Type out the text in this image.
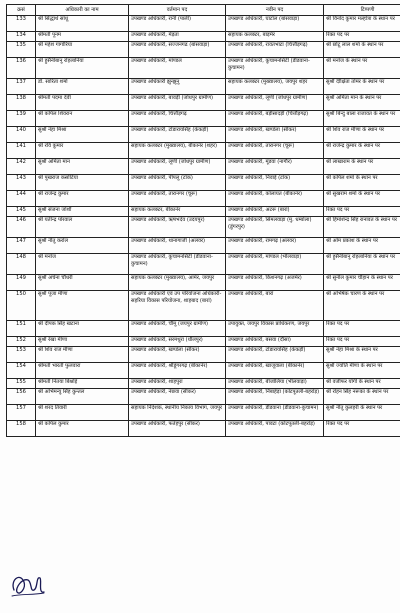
क्रसं	अधिकारी का नाम	वर्तमान पद	नवीन पद	टिप्पणी
133	श्री सिद्धार्थ सांधू	उपखण्ड अधिकारी, रानी (पाली)	उपखण्ड अधिकारी, घाटोल (बांसवाड़ा)	श्री विनोद कुमार मल्होत्रा के स्थान पर
134	श्रीमती पूनम	उपखण्ड अधिकारी, मेड़ता	सहायक कलक्टर, बाड़मेर	रिक्त पद पर
135	श्री महेश गागोरिया	उपखण्ड अधिकारी, सज्जनगढ (बांसवाड़ा)	उपखण्ड अधिकारी, रावतभाटा (चित्तौड़गढ़)	श्री छोटू लाल शर्मा के स्थान पर
136	श्री हुसैनीबानू रोहलानिया	उपखण्ड अधिकारी, मांण्डल	उपखण्ड अधिकारी, कुचामनसिटी (डीडवाना-कुचामन)	श्री मनोज के स्थान पर
137	डॉ. सारिता शर्मा	उपखण्ड अधिकारी झुन्झुनू	सहायक कलक्टर (मुख्यालय), जयपुर शहर	सुश्री दीक्षिता तोमर के स्थान पर
138	श्रीमती पदमा देवी	उपखण्ड अधिकारी, बावड़ी (जोधपुर ग्रामीण)	उपखण्ड अधिकारी, लूणी (जोधपुर ग्रामीण)	सुश्री अमिता मान के स्थान पर
139	श्री कपिल शिवरान	उपखण्ड अधिकारी, चित्तौड़गढ़	उपखण्ड अधिकारी, बड़ीसादड़ी (चित्तौड़गढ़)	सुश्री बिन्दु बाला राजावत के स्थान पर
140	सुश्री नेहा मिश्रा	उपखण्ड अधिकारी, टोडारायसिंह (केकड़ी)	उपखण्ड अधिकारी, खण्डेला (सीकर)	श्री शिव राज मीणा के स्थान पर
141	श्री रवि कुमार	सहायक कलक्टर (मुख्यालय), बीकानेर (शहर)	उपखण्ड अधिकारी, तारानगर (चूरू)	श्री राजेन्द्र कुमार के स्थान पर
142	सुश्री अमिता मान	उपखण्ड अधिकारी, लूणी (जोधपुर ग्रामीण)	उपखण्ड अधिकारी, मूंडवा (नागौर)	श्री लाखाराम के स्थान पर
143	श्री पुखराज कसोटिया	उपखण्ड अधिकारी, पीपलू (टोंक)	उपखण्ड अधिकारी, निवाई (टोंक)	श्री कपिल शर्मा के स्थान पर
144	श्री राजेन्द्र कुमार	उपखण्ड अधिकारी, तारानगर (चूरू)	उपखण्ड अधिकारी, कोलायत (बीकानेर)	श्री सुखराम शर्मा के स्थान पर
145	सुश्री संजना जोशी	सहायक कलक्टर, बीकानेर	उपखण्ड अधिकारी, अटरू (बारां)	रिक्त पद पर
146	श्री यतीन्द्र पोरवाल	उपखण्ड अधिकारी, ऋषभदेव (उदयपुर)	उपखण्ड अधिकारी, सिमलवाड़ा (मु. धम्बोला) (डूंगरपुर)	श्री हिमांशेन्द्र सिंह रानावत के स्थान पर
147	सुश्री नीतू करोल	उपखण्ड अधिकारी, थानागाजी (अलवर)	उपखण्ड अधिकारी, रामगढ़ (अलवर)	श्री ओम प्रकाश के स्थान पर
148	श्री मनोज	उपखण्ड अधिकारी, कुचामनसिटी (डीडवाना-कुचामन)	उपखण्ड अधिकारी, मांण्डल (भीलवाड़ा)	श्री हुसैनीबानू रोहलानिया के स्थान पर
149	सुश्री अर्चना चौधरी	सहायक कलक्टर (मुख्यालय), आमेर, जयपुर	उपखण्ड अधिकारी, किशनगढ़ (अजमेर)	श्री सुनील कुमार चौहान के स्थान पर
150	सुश्री पूजा मीणा	उपखण्ड अधिकारी एवं उप परियोजना अधिकारी-सहरिया विकास परियोजना, शाहबाद (बारां)	उपखण्ड अधिकारी, बारां	श्री अभिषेक चारण के स्थान पर
151	श्री दीपक सिंह खटाना	उपखण्ड अधिकारी, चौमू (जयपुर ग्रामीण)	उपायुक्त, जयपुर विकास प्राधिकरण, जयपुर	रिक्त पद पर
152	सुश्री रेखा मीणा	उपखण्ड अधिकारी, सरमथुरा (धौलपुर)	उपखण्ड अधिकारी, बसवा (दौसा)	रिक्त पद पर
153	श्री शिव राज मीणा	उपखण्ड अधिकारी, खण्डेला (सीकर)	उपखण्ड अधिकारी, टोडारायसिंह (केकड़ी)	सुश्री नेहा मिश्रा के स्थान पर
154	श्रीमती भारती फुलवारा	उपखण्ड अधिकारी, श्रीडूंगरगढ़ (बीकानेर)	उपखण्ड अधिकारी, खाजूवाला (बीकानेर)	सुश्री ज्योति मीणा के स्थान पर
155	श्रीमती नितया बिश्नोई	उपखण्ड अधिकारी, शाहपुरा	उपखण्ड अधिकारी, बीजोलिया (भीलवाड़ा)	श्री वजीफर योगी के स्थान पर
156	श्री अभिमन्यु सिंह कुन्तल	उपखण्ड अधिकारी, नेछवा (सीकर)	उपखण्ड अधिकारी, निंबाहेड़ा (कोटपूतली-बहरोड़)	श्री रोहन सिंह नरूका के स्थान पर
157	श्री शरद तिवारी	सहायक निदेशक, स्थानीय निकाय विभाग, जयपुर	उपखण्ड अधिकारी, डीडवाना (डीडवाना-कुचामन)	सुश्री नीतू कुलहरी के स्थान पर
158	श्री कपिल कुमार	उपखण्ड अधिकारी, फतेहपुर (सीकर)	उपखण्ड अधिकारी, पावटा (कोटपूतली-बहरोड़)	रिक्त पद पर
